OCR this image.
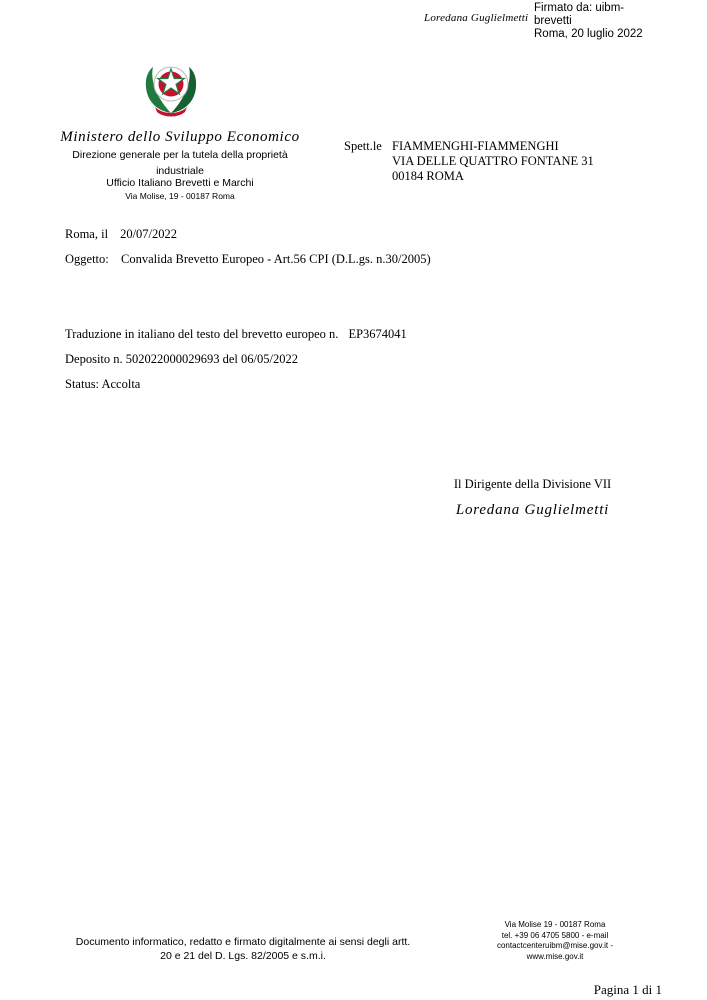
Loredana Guglielmetti
Firmato da: uibm-
brevetti
Roma, 20 luglio 2022
Ministero dello Sviluppo Economico
Direzione generale per la tutela della proprietà
industriale
Ufficio Italiano Brevetti e Marchi
Via Molise, 19 - 00187 Roma
Spett.le FIAMMENGHI-FIAMMENGHI
VIA DELLE QUATTRO FONTANE 31
00184 ROMA
Roma, il 20/07/2022
Oggetto: Convalida Brevetto Europeo - Art.56 CPI (D.L.gs. n.30/2005)
Traduzione in italiano del testo del brevetto europeo n. EP3674041
Deposito n. 502022000029693 del 06/05/2022
Status: Accolta
Il Dirigente della Divisione VII
Loredana Guglielmetti
Documento informatico, redatto e firmato digitalmente ai sensi degli artt.
20 e 21 del D. Lgs. 82/2005 e s.m.i.
Via Molise 19 - 00187 Roma
tel. +39 06 4705 5800 - e-mail
contactcenteruibm@mise.gov.it -
www.mise.gov.it
Pagina 1 di 1
